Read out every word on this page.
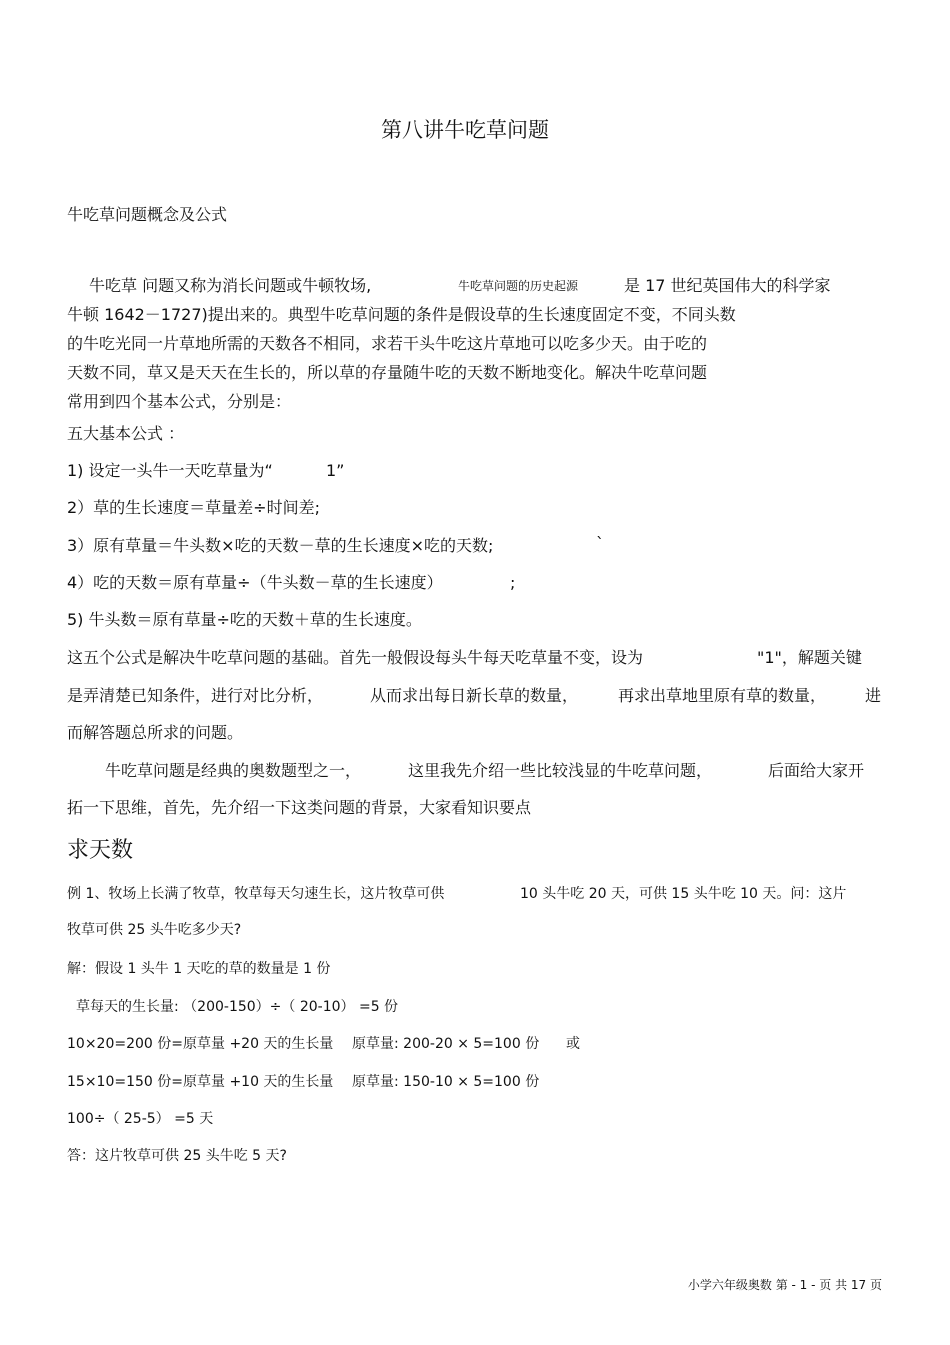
第八讲牛吃草问题
牛吃草问题概念及公式
牛吃草 问题又称为消长问题或牛顿牧场,	牛吃草问题的历史起源	是 17 世纪英国伟大的科学家
牛顿 1642－1727)提出来的。典型牛吃草问题的条件是假设草的生长速度固定不变，不同头数
的牛吃光同一片草地所需的天数各不相同，求若干头牛吃这片草地可以吃多少天。由于吃的
天数不同，草又是天天在生长的，所以草的存量随牛吃的天数不断地变化。解决牛吃草问题
常用到四个基本公式，分别是：
五大基本公式 ：
1) 设定一头牛一天吃草量为“	1”
2）草的生长速度＝草量差÷时间差;
3）原有草量＝牛头数×吃的天数－草的生长速度×吃的天数;	`
4）吃的天数＝原有草量÷（牛头数－草的生长速度）	;
5) 牛头数＝原有草量÷吃的天数＋草的生长速度。
这五个公式是解决牛吃草问题的基础。首先一般假设每头牛每天吃草量不变，设为	"1"，解题关键
是弄清楚已知条件，进行对比分析，	从而求出每日新长草的数量， 再求出草地里原有草的数量， 进
而解答题总所求的问题。
牛吃草问题是经典的奥数题型之一，	这里我先介绍一些比较浅显的牛吃草问题，	后面给大家开
拓一下思维，首先，先介绍一下这类问题的背景，大家看知识要点
求天数
例 1、牧场上长满了牧草，牧草每天匀速生长，这片牧草可供	10 头牛吃 20 天，可供 15 头牛吃 10 天。问：这片
牧草可供 25 头牛吃多少天?
解：假设 1 头牛 1 天吃的草的数量是 1 份
草每天的生长量: （200-150）÷（ 20-10） =5 份
10×20=200 份=原草量 +20 天的生长量 原草量: 200-20 × 5=100 份 或
15×10=150 份=原草量 +10 天的生长量 原草量: 150-10 × 5=100 份
100÷（ 25-5） =5 天
答：这片牧草可供 25 头牛吃 5 天?
小学六年级奥数 第 - 1 - 页 共 17 页
